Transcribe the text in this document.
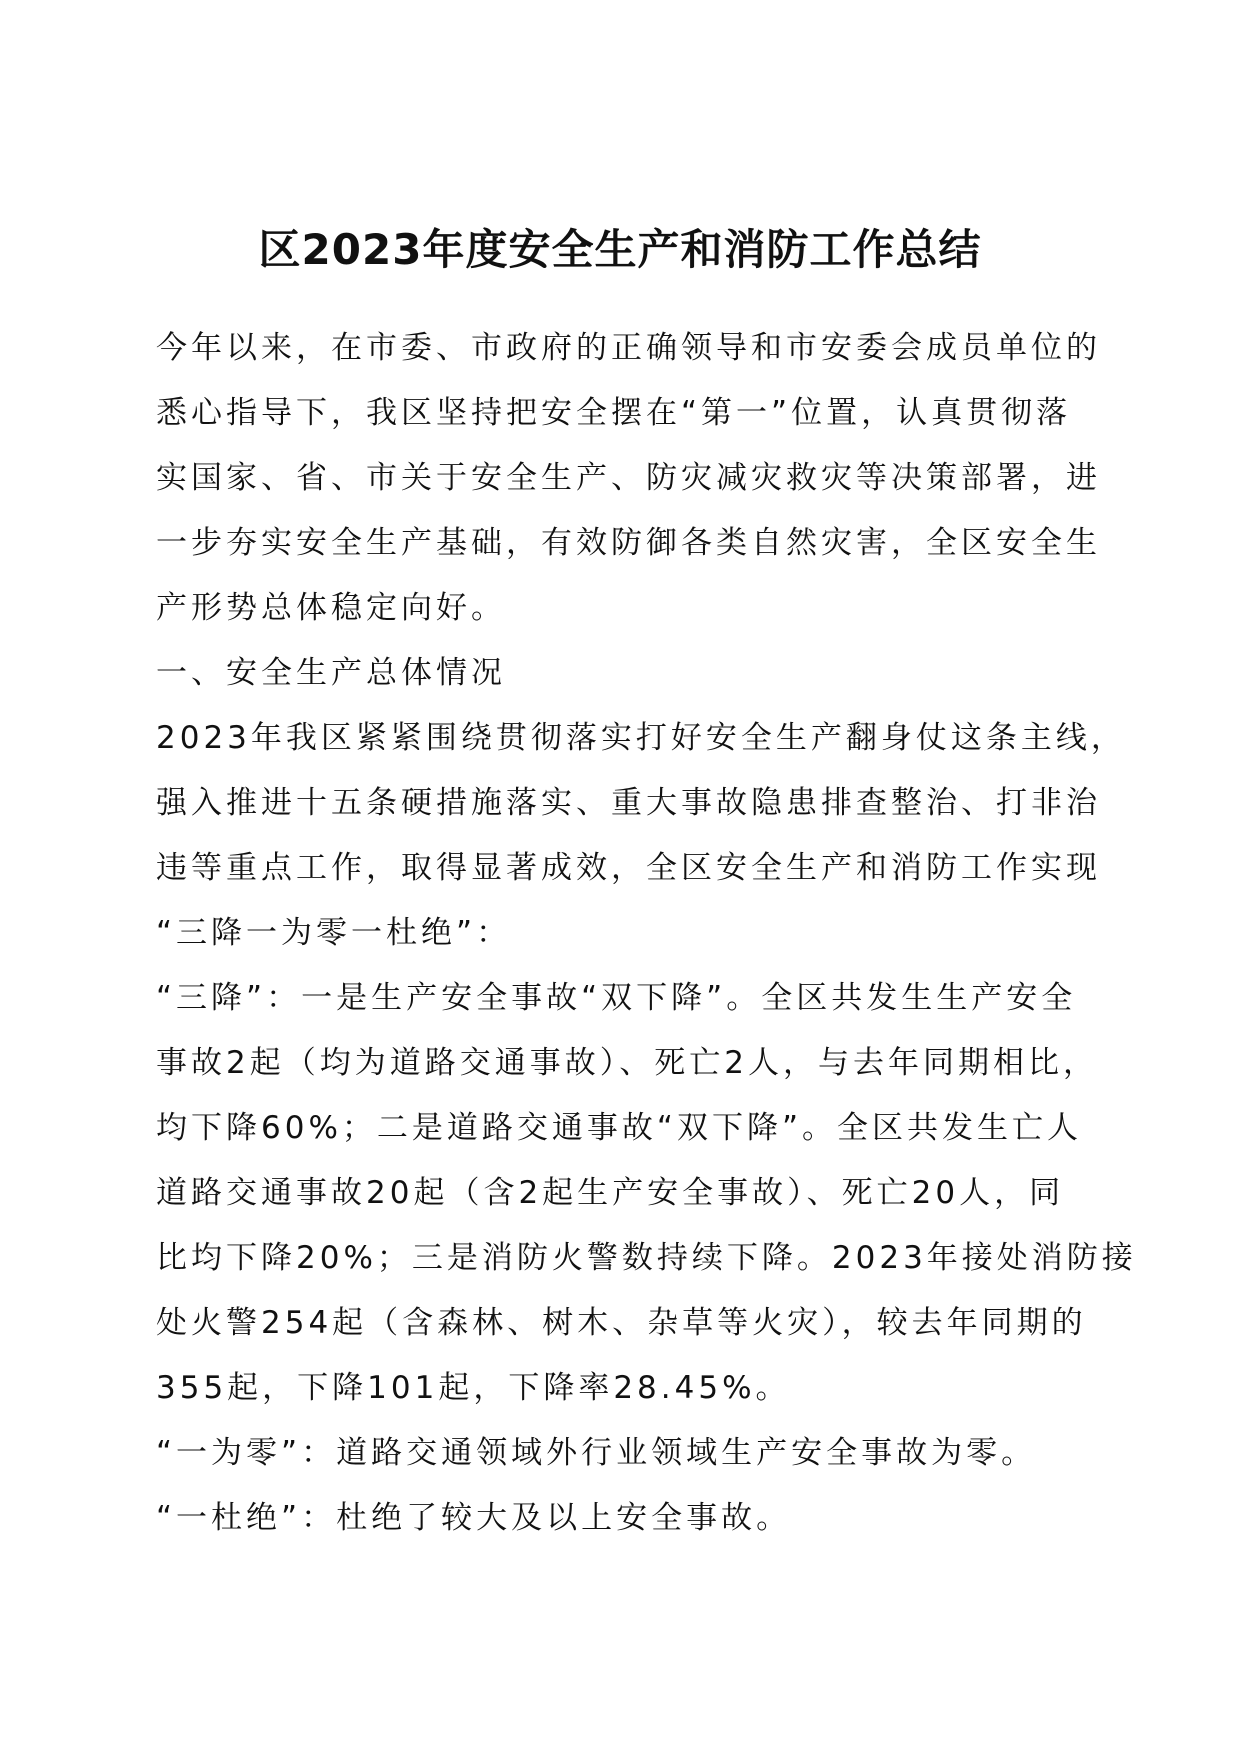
区2023年度安全生产和消防工作总结
今年以来，在市委、市政府的正确领导和市安委会成员单位的
悉心指导下，我区坚持把安全摆在“第一”位置，认真贯彻落
实国家、省、市关于安全生产、防灾减灾救灾等决策部署，进
一步夯实安全生产基础，有效防御各类自然灾害，全区安全生
产形势总体稳定向好。
一、安全生产总体情况
2023年我区紧紧围绕贯彻落实打好安全生产翻身仗这条主线，
强入推进十五条硬措施落实、重大事故隐患排查整治、打非治
违等重点工作，取得显著成效，全区安全生产和消防工作实现
“三降一为零一杜绝”：
“三降”：一是生产安全事故“双下降”。全区共发生生产安全
事故2起（均为道路交通事故）、死亡2人，与去年同期相比，
均下降60%；二是道路交通事故“双下降”。全区共发生亡人
道路交通事故20起（含2起生产安全事故）、死亡20人，同
比均下降20%；三是消防火警数持续下降。2023年接处消防接
处火警254起（含森林、树木、杂草等火灾），较去年同期的
355起，下降101起，下降率28.45%。
“一为零”：道路交通领域外行业领域生产安全事故为零。
“一杜绝”：杜绝了较大及以上安全事故。
